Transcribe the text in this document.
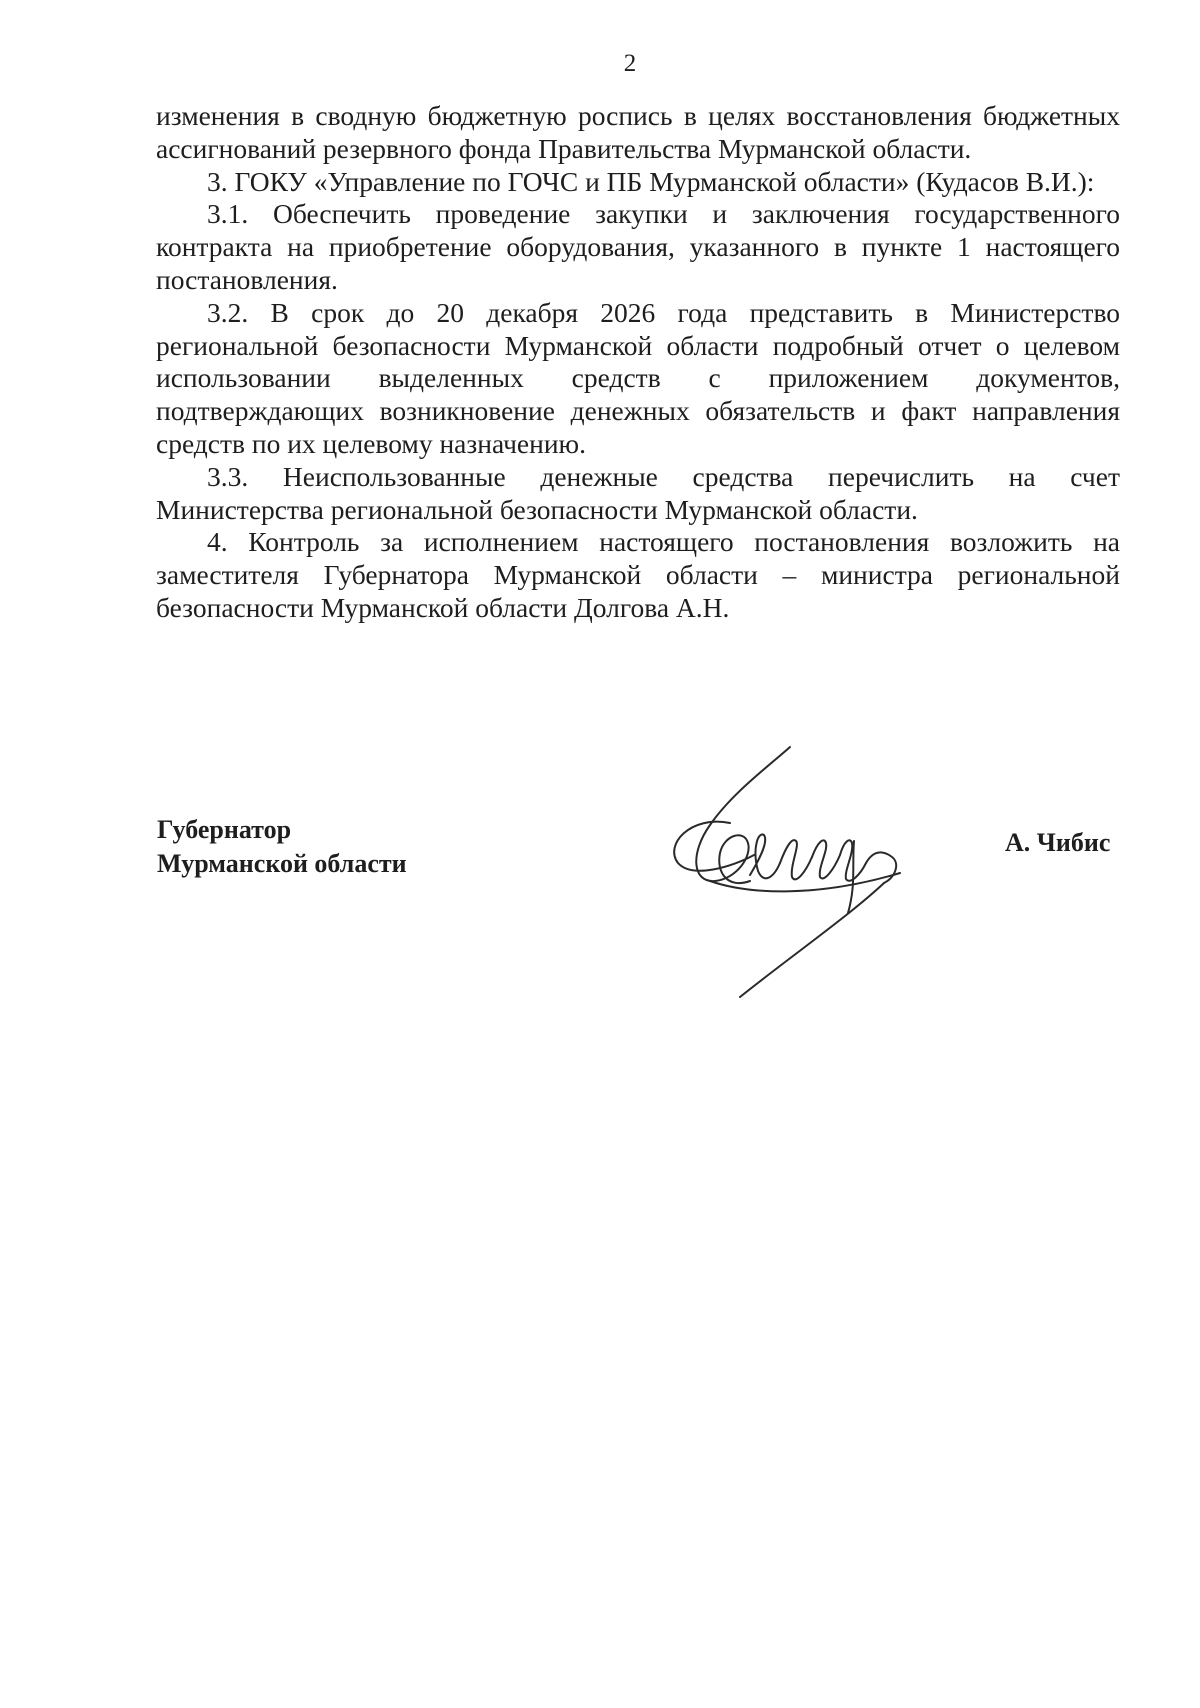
2

изменения в сводную бюджетную роспись в целях восстановления бюджетных ассигнований резервного фонда Правительства Мурманской области.

3. ГОКУ «Управление по ГОЧС и ПБ Мурманской области» (Кудасов В.И.):

3.1. Обеспечить проведение закупки и заключения государственного контракта на приобретение оборудования, указанного в пункте 1 настоящего постановления.

3.2. В срок до 20 декабря 2026 года представить в Министерство региональной безопасности Мурманской области подробный отчет о целевом использовании выделенных средств с приложением документов, подтверждающих возникновение денежных обязательств и факт направления средств по их целевому назначению.

3.3. Неиспользованные денежные средства перечислить на счет Министерства региональной безопасности Мурманской области.

4. Контроль за исполнением настоящего постановления возложить на заместителя Губернатора Мурманской области – министра региональной безопасности Мурманской области Долгова А.Н.

Губернатор
Мурманской области
А. Чибис
